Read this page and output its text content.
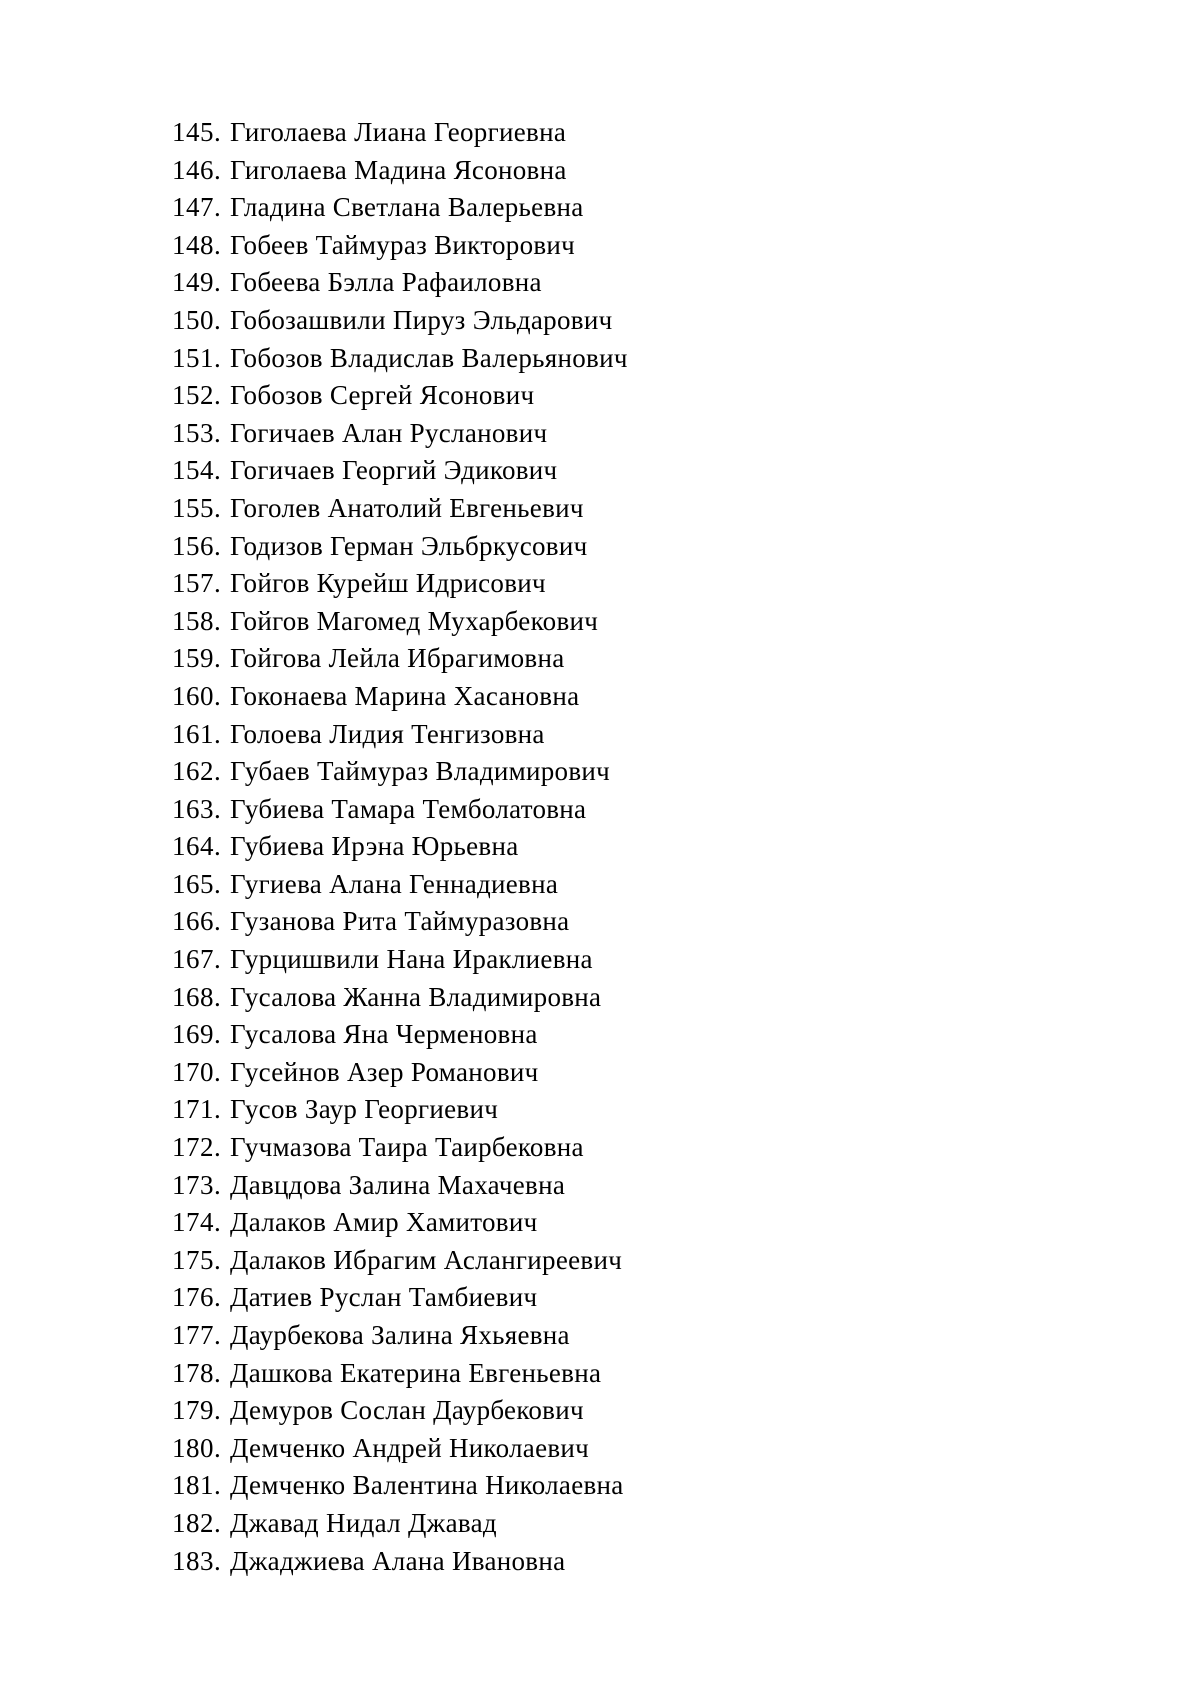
145. Гиголаева Лиана Георгиевна
146. Гиголаева Мадина Ясоновна
147. Гладина Светлана Валерьевна
148. Гобеев Таймураз Викторович
149. Гобеева Бэлла Рафаиловна
150. Гобозашвили Пируз Эльдарович
151. Гобозов Владислав Валерьянович
152. Гобозов Сергей Ясонович
153. Гогичаев Алан Русланович
154. Гогичаев Георгий Эдикович
155. Гоголев Анатолий Евгеньевич
156. Годизов Герман Эльбркусович
157. Гойгов Курейш Идрисович
158. Гойгов Магомед Мухарбекович
159. Гойгова Лейла Ибрагимовна
160. Гоконаева Марина Хасановна
161. Голоева Лидия Тенгизовна
162. Губаев Таймураз Владимирович
163. Губиева Тамара Темболатовна
164. Губиева Ирэна Юрьевна
165. Гугиева Алана Геннадиевна
166. Гузанова Рита Таймуразовна
167. Гурцишвили Нана Ираклиевна
168. Гусалова Жанна Владимировна
169. Гусалова Яна Черменовна
170. Гусейнов Азер Романович
171. Гусов Заур Георгиевич
172. Гучмазова Таира Таирбековна
173. Давцдова Залина Махачевна
174. Далаков Амир Хамитович
175. Далаков Ибрагим Аслангиреевич
176. Датиев Руслан Тамбиевич
177. Даурбекова Залина Яхьяевна
178. Дашкова Екатерина Евгеньевна
179. Демуров Сослан Даурбекович
180. Демченко Андрей Николаевич
181. Демченко Валентина Николаевна
182. Джавад Нидал Джавад
183. Джаджиева Алана Ивановна
